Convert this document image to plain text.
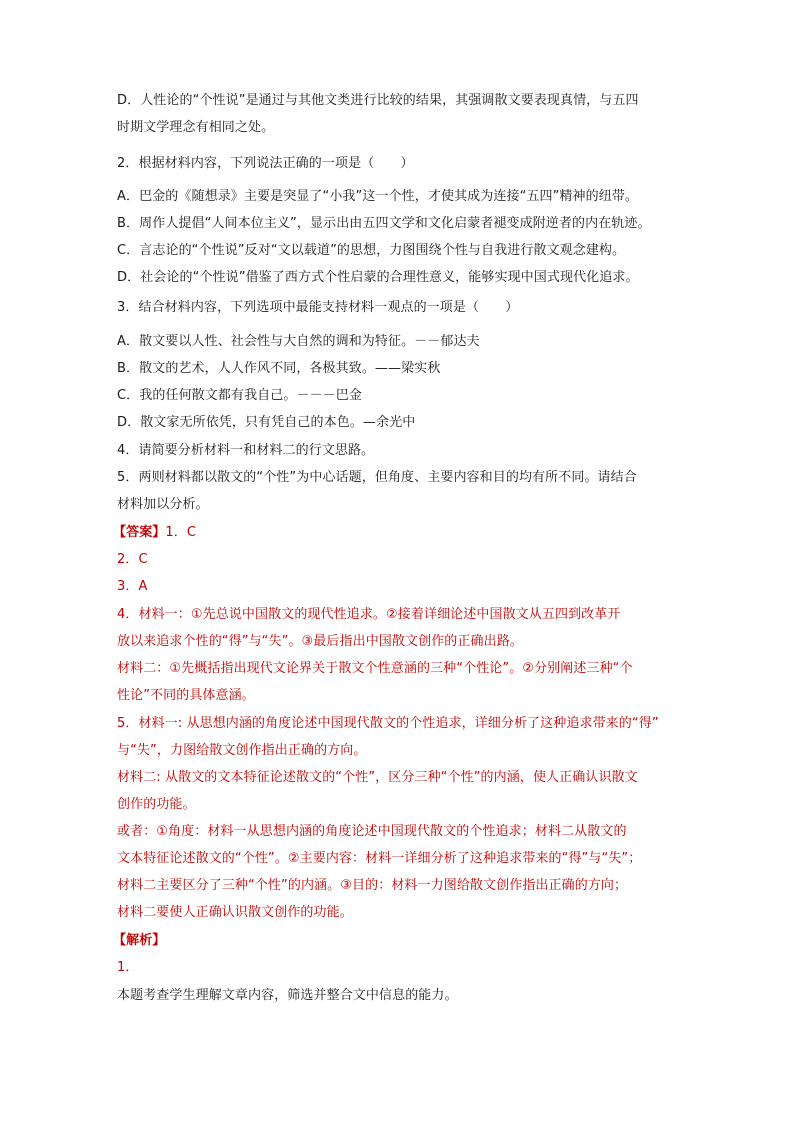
D．人性论的“个性说”是通过与其他文类进行比较的结果，其强调散文要表现真情，与五四
时期文学理念有相同之处。
2．根据材料内容，下列说法正确的一项是（　　）
A．巴金的《随想录》主要是突显了“小我”这一个性，才使其成为连接“五四”精神的纽带。
B．周作人提倡“人间本位主义”，显示出由五四文学和文化启蒙者褪变成附逆者的内在轨迹。
C．言志论的“个性说”反对“文以载道”的思想，力图围绕个性与自我进行散文观念建构。
D．社会论的“个性说”借鉴了西方式个性启蒙的合理性意义，能够实现中国式现代化追求。
3．结合材料内容，下列选项中最能支持材料一观点的一项是（　　）
A．散文要以人性、社会性与大自然的调和为特征。－－郁达夫
B．散文的艺术，人人作风不同，各极其致。——梁实秋
C．我的任何散文都有我自己。－－－巴金
D．散文家无所依凭，只有凭自己的本色。—余光中
4．请简要分析材料一和材料二的行文思路。
5．两则材料都以散文的“个性”为中心话题，但角度、主要内容和目的均有所不同。请结合
材料加以分析。
【答案】1．C
2．C
3．A
4．材料一：①先总说中国散文的现代性追求。②接着详细论述中国散文从五四到改革开
放以来追求个性的“得”与“失”。③最后指出中国散文创作的正确出路。
材料二：①先概括指出现代文论界关于散文个性意涵的三种“个性论”。②分别阐述三种“个
性论”不同的具体意涵。
5．材料一: 从思想内涵的角度论述中国现代散文的个性追求，详细分析了这种追求带来的“得”
与“失”，力图给散文创作指出正确的方向。
材料二: 从散文的文本特征论述散文的“个性”，区分三种“个性”的内涵，使人正确认识散文
创作的功能。
或者：①角度：材料一从思想内涵的角度论述中国现代散文的个性追求；材料二从散文的
文本特征论述散文的“个性”。②主要内容：材料一详细分析了这种追求带来的“得”与“失”；
材料二主要区分了三种“个性”的内涵。③目的：材料一力图给散文创作指出正确的方向；
材料二要使人正确认识散文创作的功能。
【解析】
1．
本题考查学生理解文章内容，筛选并整合文中信息的能力。
